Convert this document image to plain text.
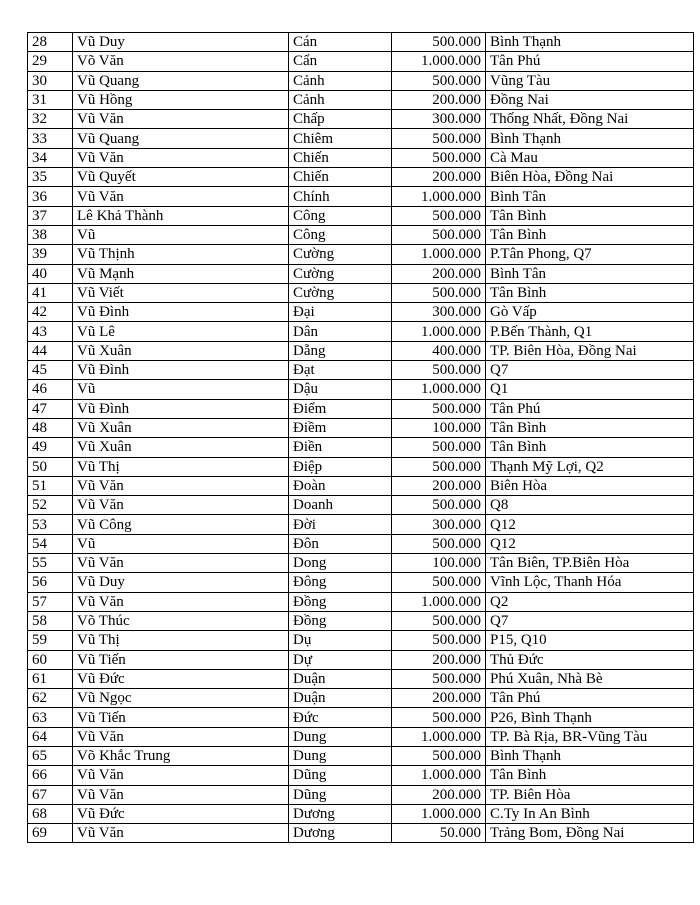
28	Vũ Duy	Cán	500.000	Bình Thạnh
29	Võ Văn	Cẩn	1.000.000	Tân Phú
30	Vũ Quang	Cảnh	500.000	Vũng Tàu
31	Vũ Hồng	Cảnh	200.000	Đồng Nai
32	Vũ Văn	Chấp	300.000	Thống Nhất, Đồng Nai
33	Vũ Quang	Chiêm	500.000	Bình Thạnh
34	Vũ Văn	Chiến	500.000	Cà Mau
35	Vũ Quyết	Chiến	200.000	Biên Hòa, Đồng Nai
36	Vũ Văn	Chính	1.000.000	Bình Tân
37	Lê Khả Thành	Công	500.000	Tân Bình
38	Vũ	Công	500.000	Tân Bình
39	Vũ Thịnh	Cường	1.000.000	P.Tân Phong, Q7
40	Vũ Mạnh	Cường	200.000	Bình Tân
41	Vũ Viết	Cường	500.000	Tân Bình
42	Vũ Đình	Đại	300.000	Gò Vấp
43	Vũ Lê	Dân	1.000.000	P.Bến Thành, Q1
44	Vũ Xuân	Dẵng	400.000	TP. Biên Hòa, Đồng Nai
45	Vũ Đình	Đạt	500.000	Q7
46	Vũ	Dậu	1.000.000	Q1
47	Vũ Đình	Điểm	500.000	Tân Phú
48	Vũ Xuân	Điềm	100.000	Tân Bình
49	Vũ Xuân	Điền	500.000	Tân Bình
50	Vũ Thị	Điệp	500.000	Thạnh Mỹ Lợi, Q2
51	Vũ Văn	Đoàn	200.000	Biên Hòa
52	Vũ Văn	Doanh	500.000	Q8
53	Vũ Công	Đời	300.000	Q12
54	Vũ	Đôn	500.000	Q12
55	Vũ Văn	Dong	100.000	Tân Biên, TP.Biên Hòa
56	Vũ Duy	Đông	500.000	Vĩnh Lộc, Thanh Hóa
57	Vũ Văn	Đồng	1.000.000	Q2
58	Võ Thúc	Đồng	500.000	Q7
59	Vũ Thị	Dụ	500.000	P15, Q10
60	Vũ Tiến	Dự	200.000	Thủ Đức
61	Vũ Đức	Duận	500.000	Phú Xuân, Nhà Bè
62	Vũ Ngọc	Duận	200.000	Tân Phú
63	Vũ Tiến	Đức	500.000	P26, Bình Thạnh
64	Vũ Văn	Dung	1.000.000	TP. Bà Rịa, BR-Vũng Tàu
65	Võ Khắc Trung	Dung	500.000	Bình Thạnh
66	Vũ Văn	Dũng	1.000.000	Tân Bình
67	Vũ Văn	Dũng	200.000	TP. Biên Hòa
68	Vũ Đức	Dương	1.000.000	C.Ty In An Bình
69	Vũ Văn	Dương	50.000	Trảng Bom, Đồng Nai
